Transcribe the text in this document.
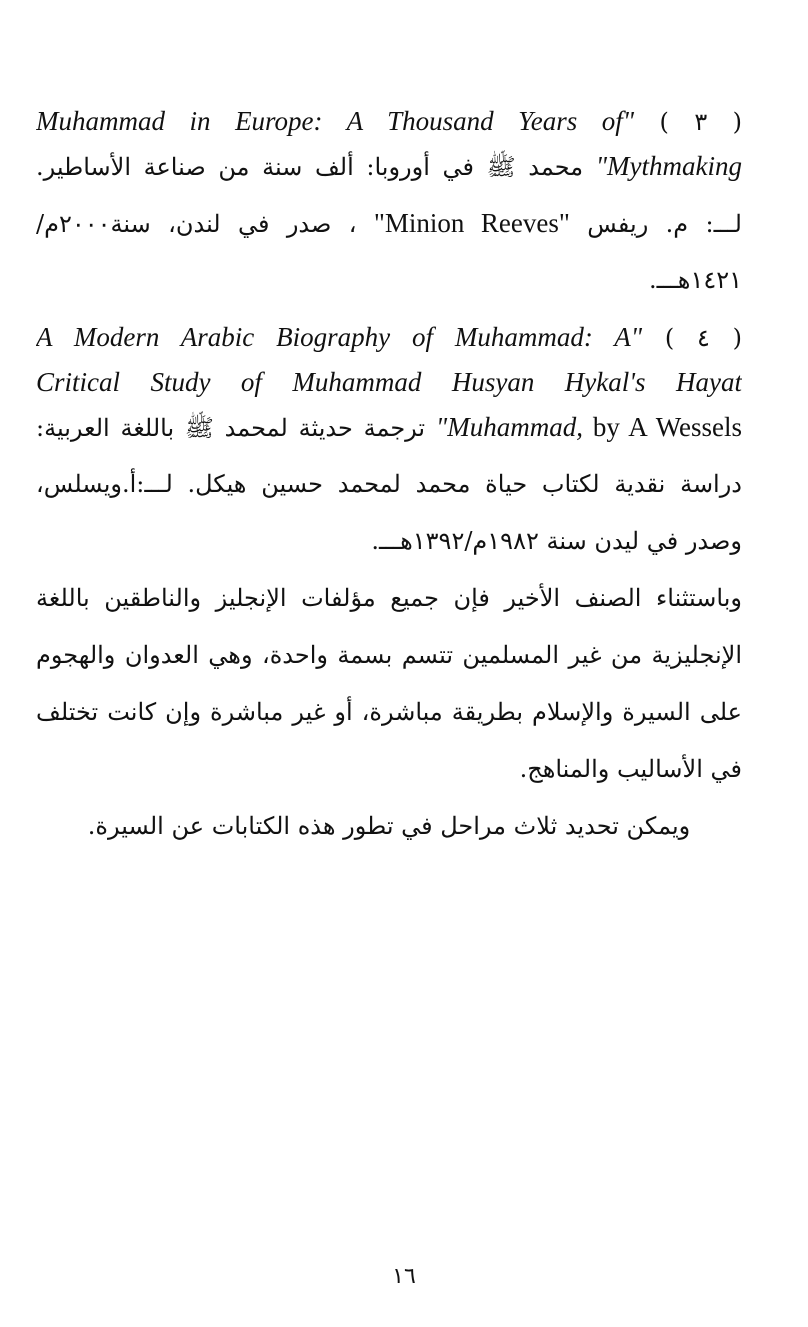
( ٣ ) Muhammad in Europe: A Thousand Years of"
"Mythmaking محمد ﷺ في أوروبا: ألف سنة من صناعة الأساطير.
لـــ: م. ريفس "Minion Reeves" ، صدر في لندن، سنة٢٠٠٠م/
١٤٢١هـــ.
( ٤ ) A Modern Arabic Biography of Muhammad: A"
Critical Study of Muhammad Husyan Hykal's Hayat
"Muhammad, by A Wessels ترجمة حديثة لمحمد ﷺ باللغة العربية:
دراسة نقدية لكتاب حياة محمد لمحمد حسين هيكل. لـــ:أ.ويسلس،
وصدر في ليدن سنة ١٩٨٢م/١٣٩٢هـــ.
وباستثناء الصنف الأخير فإن جميع مؤلفات الإنجليز والناطقين باللغة
الإنجليزية من غير المسلمين تتسم بسمة واحدة، وهي العدوان والهجوم
على السيرة والإسلام بطريقة مباشرة، أو غير مباشرة وإن كانت تختلف
في الأساليب والمناهج.
ويمكن تحديد ثلاث مراحل في تطور هذه الكتابات عن السيرة.
١٦
